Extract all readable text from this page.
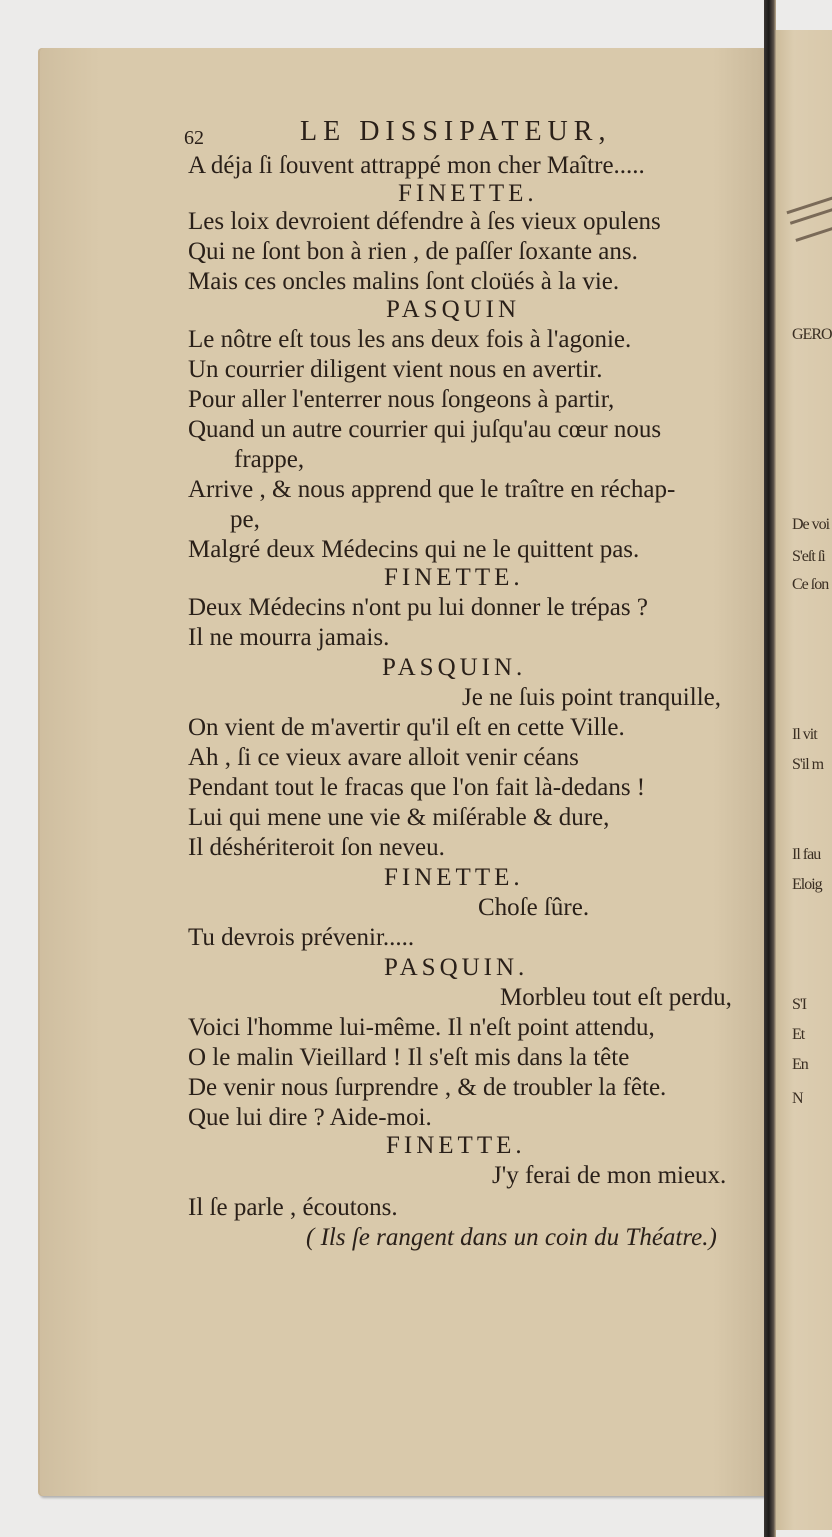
GERO
De voi
S'eſt ſi
Ce ſon
Il vit
S'il m
Il fau
Eloig
S'I
Et
En
N
62	LE DISSIPATEUR,
A déja ſi ſouvent attrappé mon cher Maître.....
FINETTE.
Les loix devroient défendre à ſes vieux opulens
Qui ne ſont bon à rien , de paſſer ſoxante ans.
Mais ces oncles malins ſont cloüés à la vie.
PASQUIN
Le nôtre eſt tous les ans deux fois à l'agonie.
Un courrier diligent vient nous en avertir.
Pour aller l'enterrer nous ſongeons à partir,
Quand un autre courrier qui juſqu'au cœur nous
frappe,
Arrive , & nous apprend que le traître en réchap-
pe,
Malgré deux Médecins qui ne le quittent pas.
FINETTE.
Deux Médecins n'ont pu lui donner le trépas ?
Il ne mourra jamais.
PASQUIN.
Je ne ſuis point tranquille,
On vient de m'avertir qu'il eſt en cette Ville.
Ah , ſi ce vieux avare alloit venir céans
Pendant tout le fracas que l'on fait là-dedans !
Lui qui mene une vie & miſérable & dure,
Il déshériteroit ſon neveu.
FINETTE.
Choſe ſûre.
Tu devrois prévenir.....
PASQUIN.
Morbleu tout eſt perdu,
Voici l'homme lui-même. Il n'eſt point attendu,
O le malin Vieillard ! Il s'eſt mis dans la tête
De venir nous ſurprendre , & de troubler la fête.
Que lui dire ? Aide-moi.
FINETTE.
J'y ferai de mon mieux.
Il ſe parle , écoutons.
( Ils ſe rangent dans un coin du Théatre.)
